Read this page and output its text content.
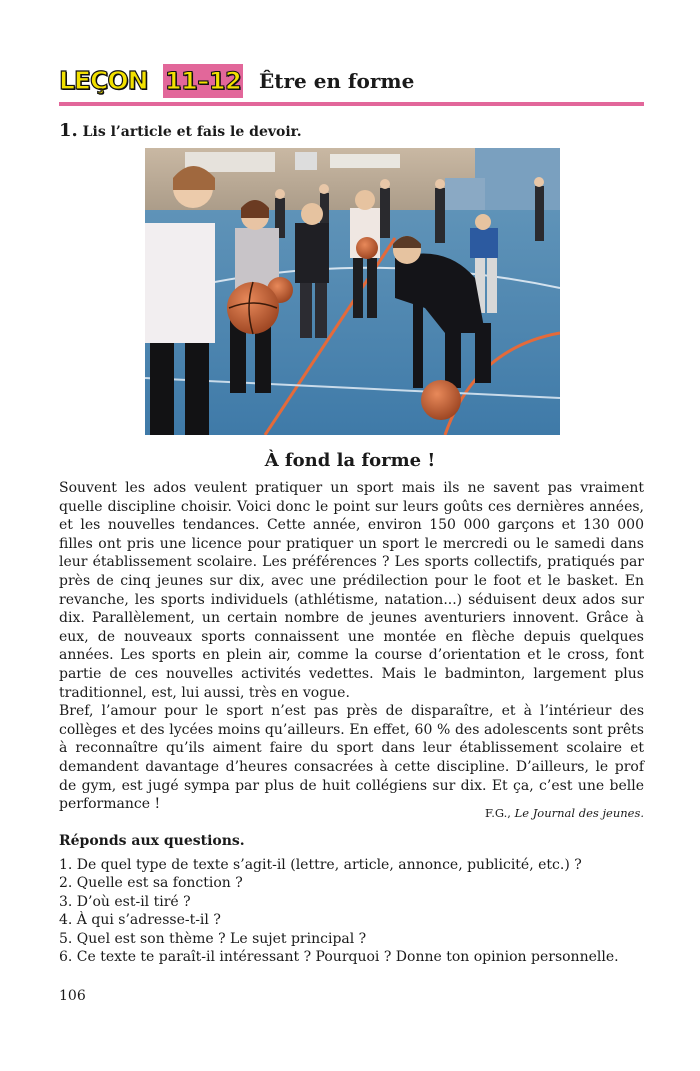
LEÇON 11–12 Être en forme
1. Lis l’article et fais le devoir.
À fond la forme !

Souvent les ados veulent pratiquer un sport mais ils ne savent pas vraiment quelle discipline choisir. Voici donc le point sur leurs goûts ces dernières années, et les nouvelles tendances. Cette année, environ 150 000 garçons et 130 000 filles ont pris une licence pour pratiquer un sport le mercredi ou le samedi dans leur établissement scolaire. Les préférences ? Les sports collectifs, pratiqués par près de cinq jeunes sur dix, avec une prédilection pour le foot et le basket. En revanche, les sports individuels (athlétisme, natation...) séduisent deux ados sur dix. Parallèlement, un certain nombre de jeunes aventuriers innovent. Grâce à eux, de nouveaux sports connaissent une montée en flèche depuis quelques années. Les sports en plein air, comme la course d’orientation et le cross, font partie de ces nouvelles activités vedettes. Mais le badminton, largement plus traditionnel, est, lui aussi, très en vogue.

Bref, l’amour pour le sport n’est pas près de disparaître, et à l’intérieur des collèges et des lycées moins qu’ailleurs. En effet, 60 % des adolescents sont prêts à reconnaître qu’ils aiment faire du sport dans leur établissement scolaire et demandent davantage d’heures consacrées à cette discipline. D’ailleurs, le prof de gym, est jugé sympa par plus de huit collégiens sur dix. Et ça, c’est une belle performance !

F.G., Le Journal des jeunes.
Réponds aux questions.
1. De quel type de texte s’agit-il (lettre, article, annonce, publicité, etc.) ?
2. Quelle est sa fonction ?
3. D’où est-il tiré ?
4. À qui s’adresse-t-il ?
5. Quel est son thème ? Le sujet principal ?
6. Ce texte te paraît-il intéressant ? Pourquoi ? Donne ton opinion personnelle.
106
